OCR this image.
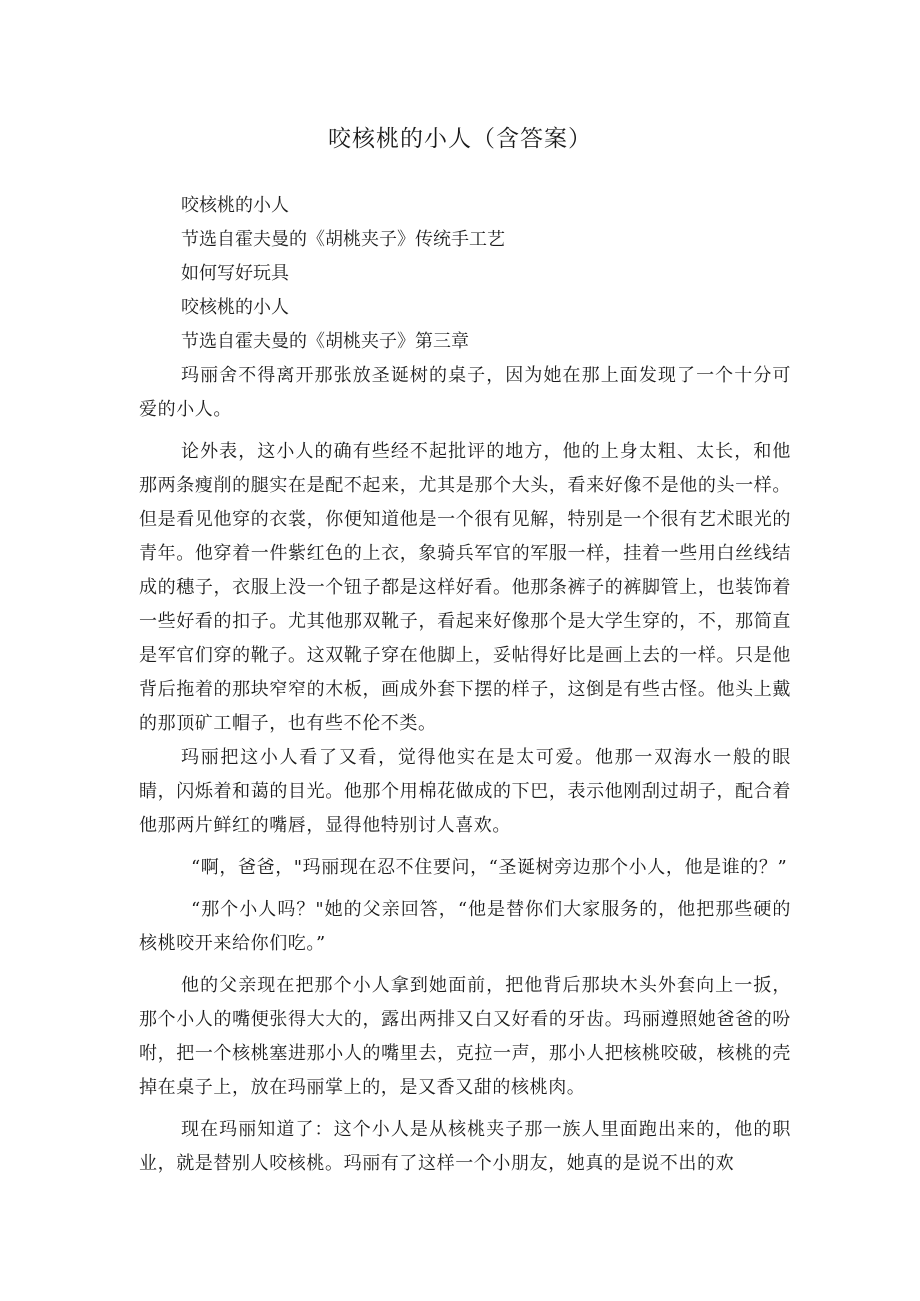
咬核桃的小人（含答案）

咬核桃的小人

节选自霍夫曼的《胡桃夹子》传统手工艺

如何写好玩具

咬核桃的小人

节选自霍夫曼的《胡桃夹子》第三章

玛丽舍不得离开那张放圣诞树的桌子，因为她在那上面发现了一个十分可爱的小人。

论外表，这小人的确有些经不起批评的地方，他的上身太粗、太长，和他那两条瘦削的腿实在是配不起来，尤其是那个大头，看来好像不是他的头一样。但是看见他穿的衣裳，你便知道他是一个很有见解，特别是一个很有艺术眼光的青年。他穿着一件紫红色的上衣，象骑兵军官的军服一样，挂着一些用白丝线结成的穗子，衣服上没一个钮子都是这样好看。他那条裤子的裤脚管上，也装饰着一些好看的扣子。尤其他那双靴子，看起来好像那个是大学生穿的，不，那简直是军官们穿的靴子。这双靴子穿在他脚上，妥帖得好比是画上去的一样。只是他背后拖着的那块窄窄的木板，画成外套下摆的样子，这倒是有些古怪。他头上戴的那顶矿工帽子，也有些不伦不类。

玛丽把这小人看了又看，觉得他实在是太可爱。他那一双海水一般的眼睛，闪烁着和蔼的目光。他那个用棉花做成的下巴，表示他刚刮过胡子，配合着他那两片鲜红的嘴唇，显得他特别讨人喜欢。

“啊，爸爸，"玛丽现在忍不住要问，“圣诞树旁边那个小人，他是谁的？”

“那个小人吗？"她的父亲回答，“他是替你们大家服务的，他把那些硬的核桃咬开来给你们吃。”

他的父亲现在把那个小人拿到她面前，把他背后那块木头外套向上一扳，那个小人的嘴便张得大大的，露出两排又白又好看的牙齿。玛丽遵照她爸爸的吩咐，把一个核桃塞进那小人的嘴里去，克拉一声，那小人把核桃咬破，核桃的壳掉在桌子上，放在玛丽掌上的，是又香又甜的核桃肉。

现在玛丽知道了：这个小人是从核桃夹子那一族人里面跑出来的，他的职业，就是替别人咬核桃。玛丽有了这样一个小朋友，她真的是说不出的欢
